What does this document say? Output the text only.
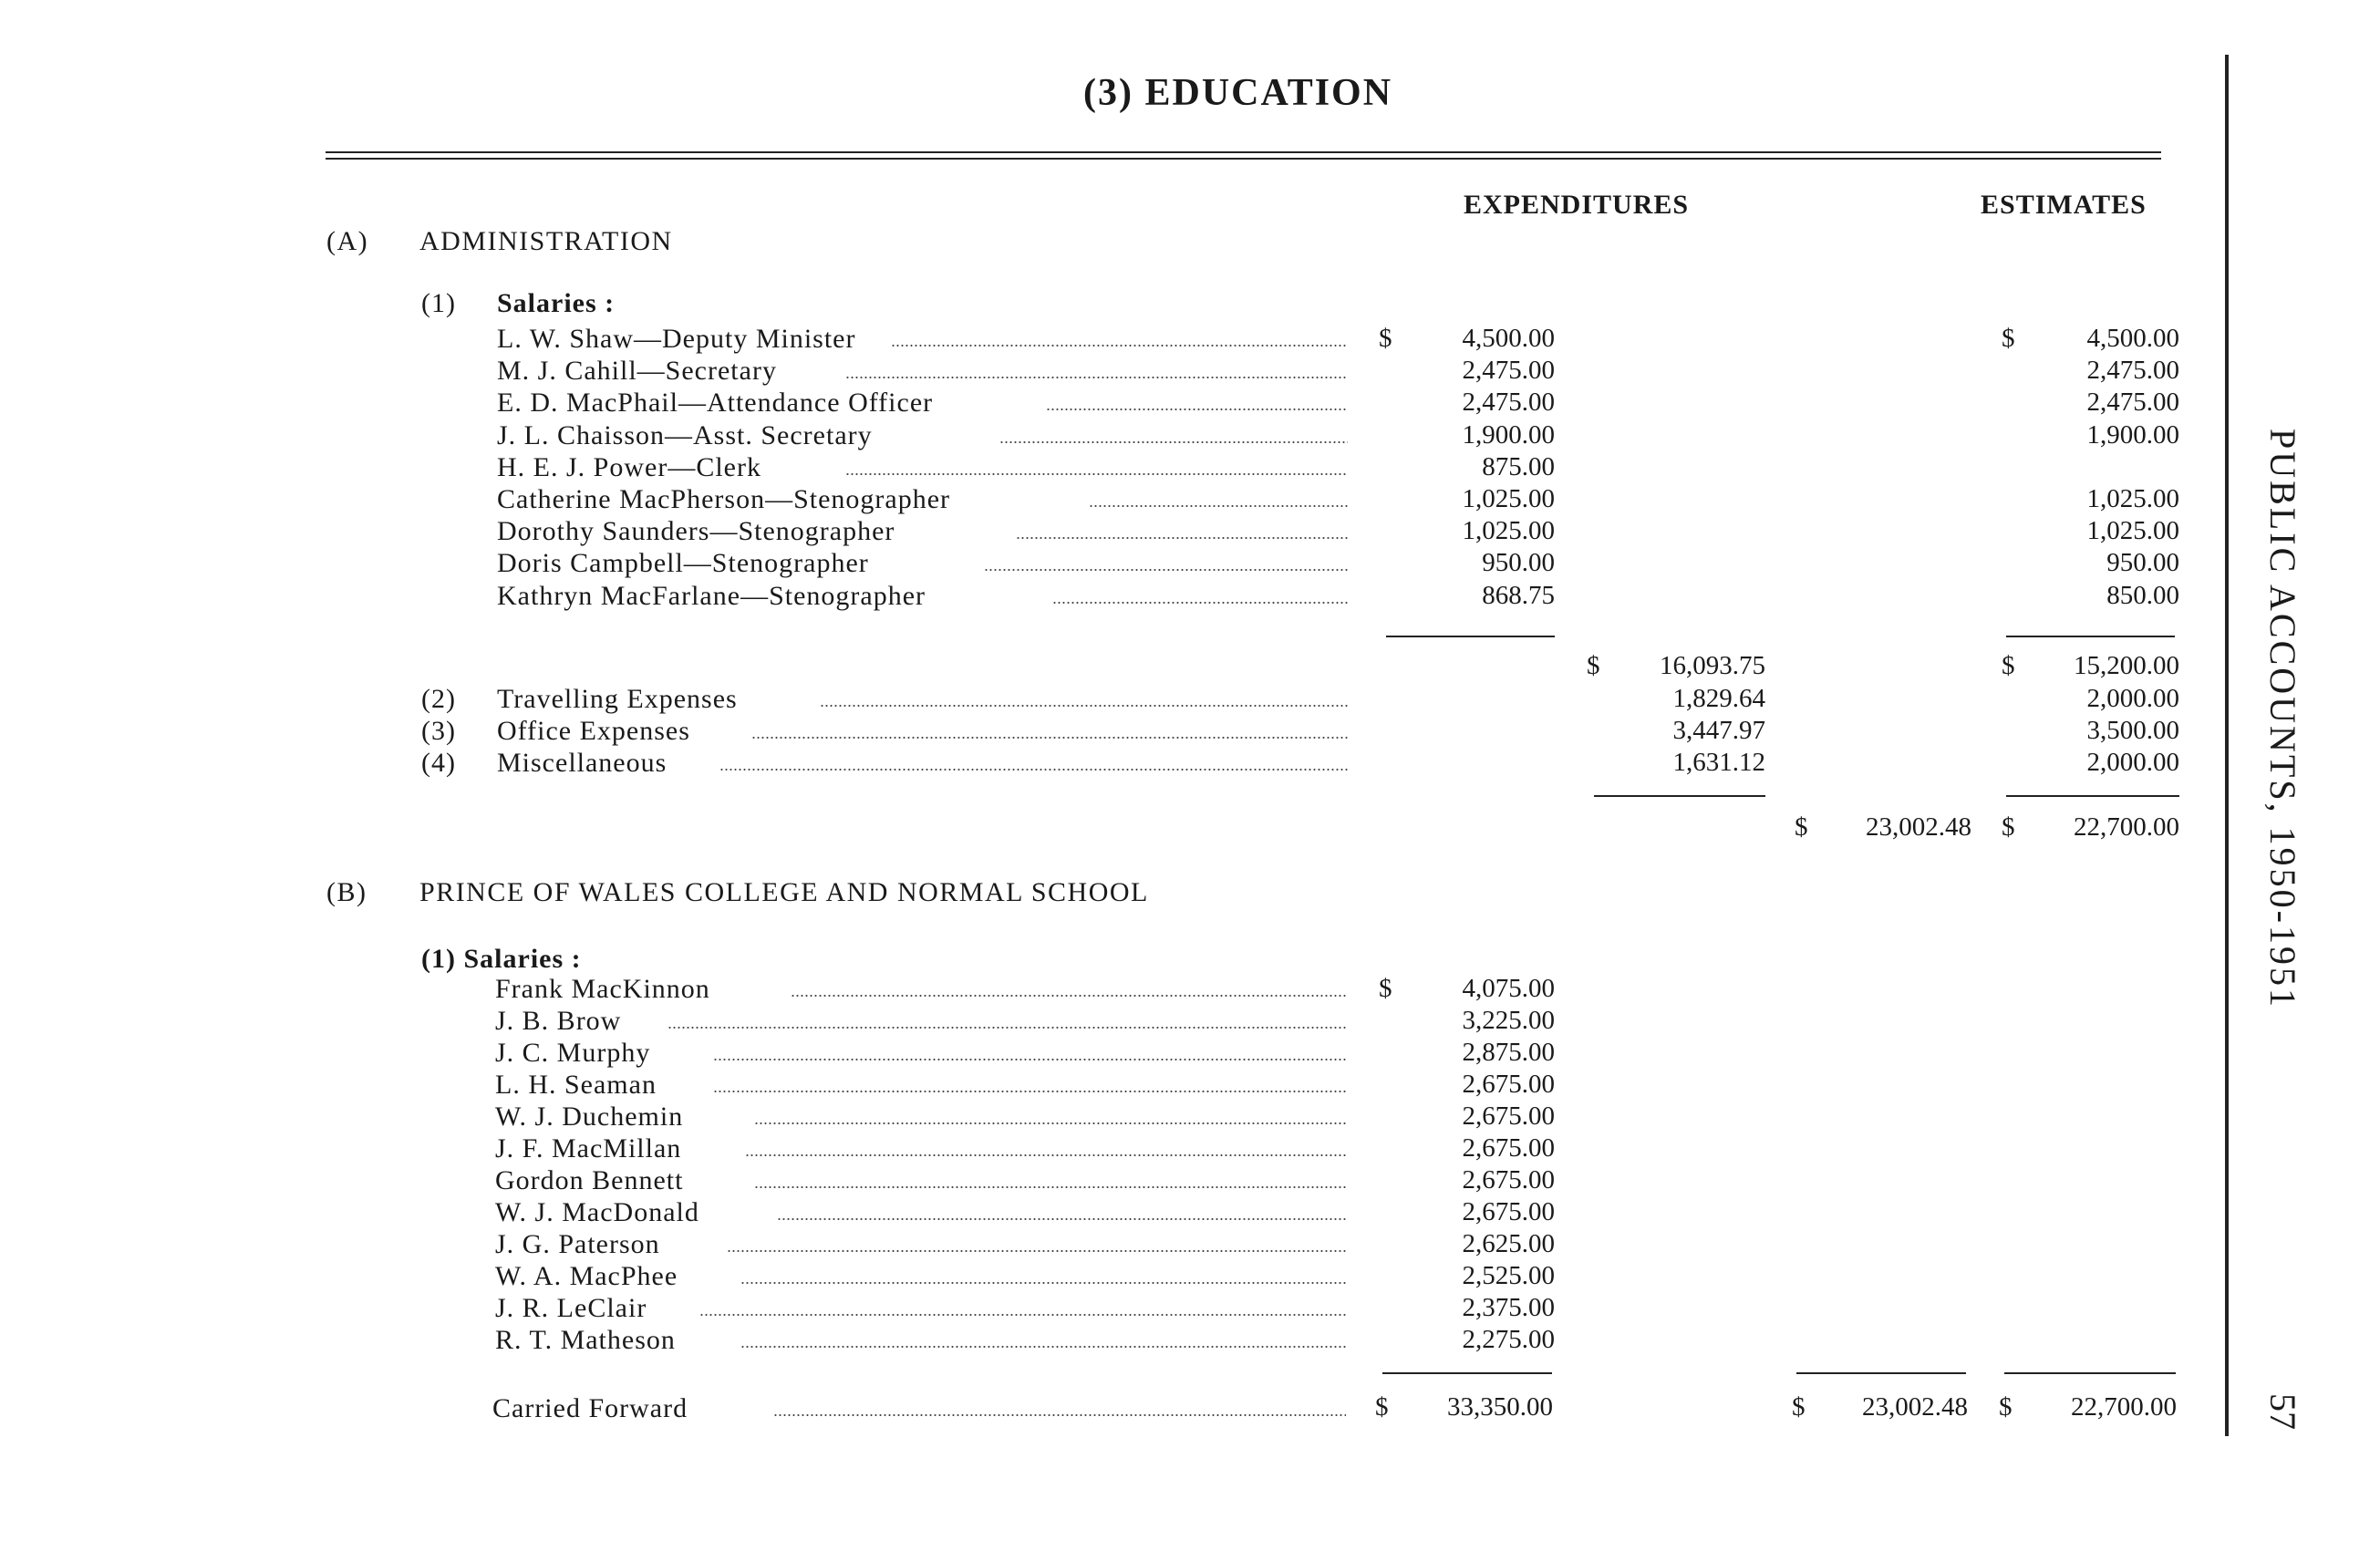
(3) EDUCATION
EXPENDITURES	ESTIMATES
(A) ADMINISTRATION
(1) Salaries :
L. W. Shaw—Deputy Minister	$	4,500.00	$	4,500.00
M. J. Cahill—Secretary	2,475.00	2,475.00
E. D. MacPhail—Attendance Officer	2,475.00	2,475.00
J. L. Chaisson—Asst. Secretary	1,900.00	1,900.00
H. E. J. Power—Clerk	875.00
Catherine MacPherson—Stenographer	1,025.00	1,025.00
Dorothy Saunders—Stenographer	1,025.00	1,025.00
Doris Campbell—Stenographer	950.00	950.00
Kathryn MacFarlane—Stenographer	868.75	850.00
$	16,093.75	$	15,200.00
(2) Travelling Expenses	1,829.64	2,000.00
(3) Office Expenses	3,447.97	3,500.00
(4) Miscellaneous	1,631.12	2,000.00
$	23,002.48 $	22,700.00
(B) PRINCE OF WALES COLLEGE AND NORMAL SCHOOL
(1) Salaries :
Frank MacKinnon	$	4,075.00
J. B. Brow	3,225.00
J. C. Murphy	2,875.00
L. H. Seaman	2,675.00
W. J. Duchemin	2,675.00
J. F. MacMillan	2,675.00
Gordon Bennett	2,675.00
W. J. MacDonald	2,675.00
J. G. Paterson	2,625.00
W. A. MacPhee	2,525.00
J. R. LeClair	2,375.00
R. T. Matheson	2,275.00
Carried Forward	$	33,350.00	$	23,002.48 $	22,700.00
PUBLIC ACCOUNTS, 1950-1951
57
